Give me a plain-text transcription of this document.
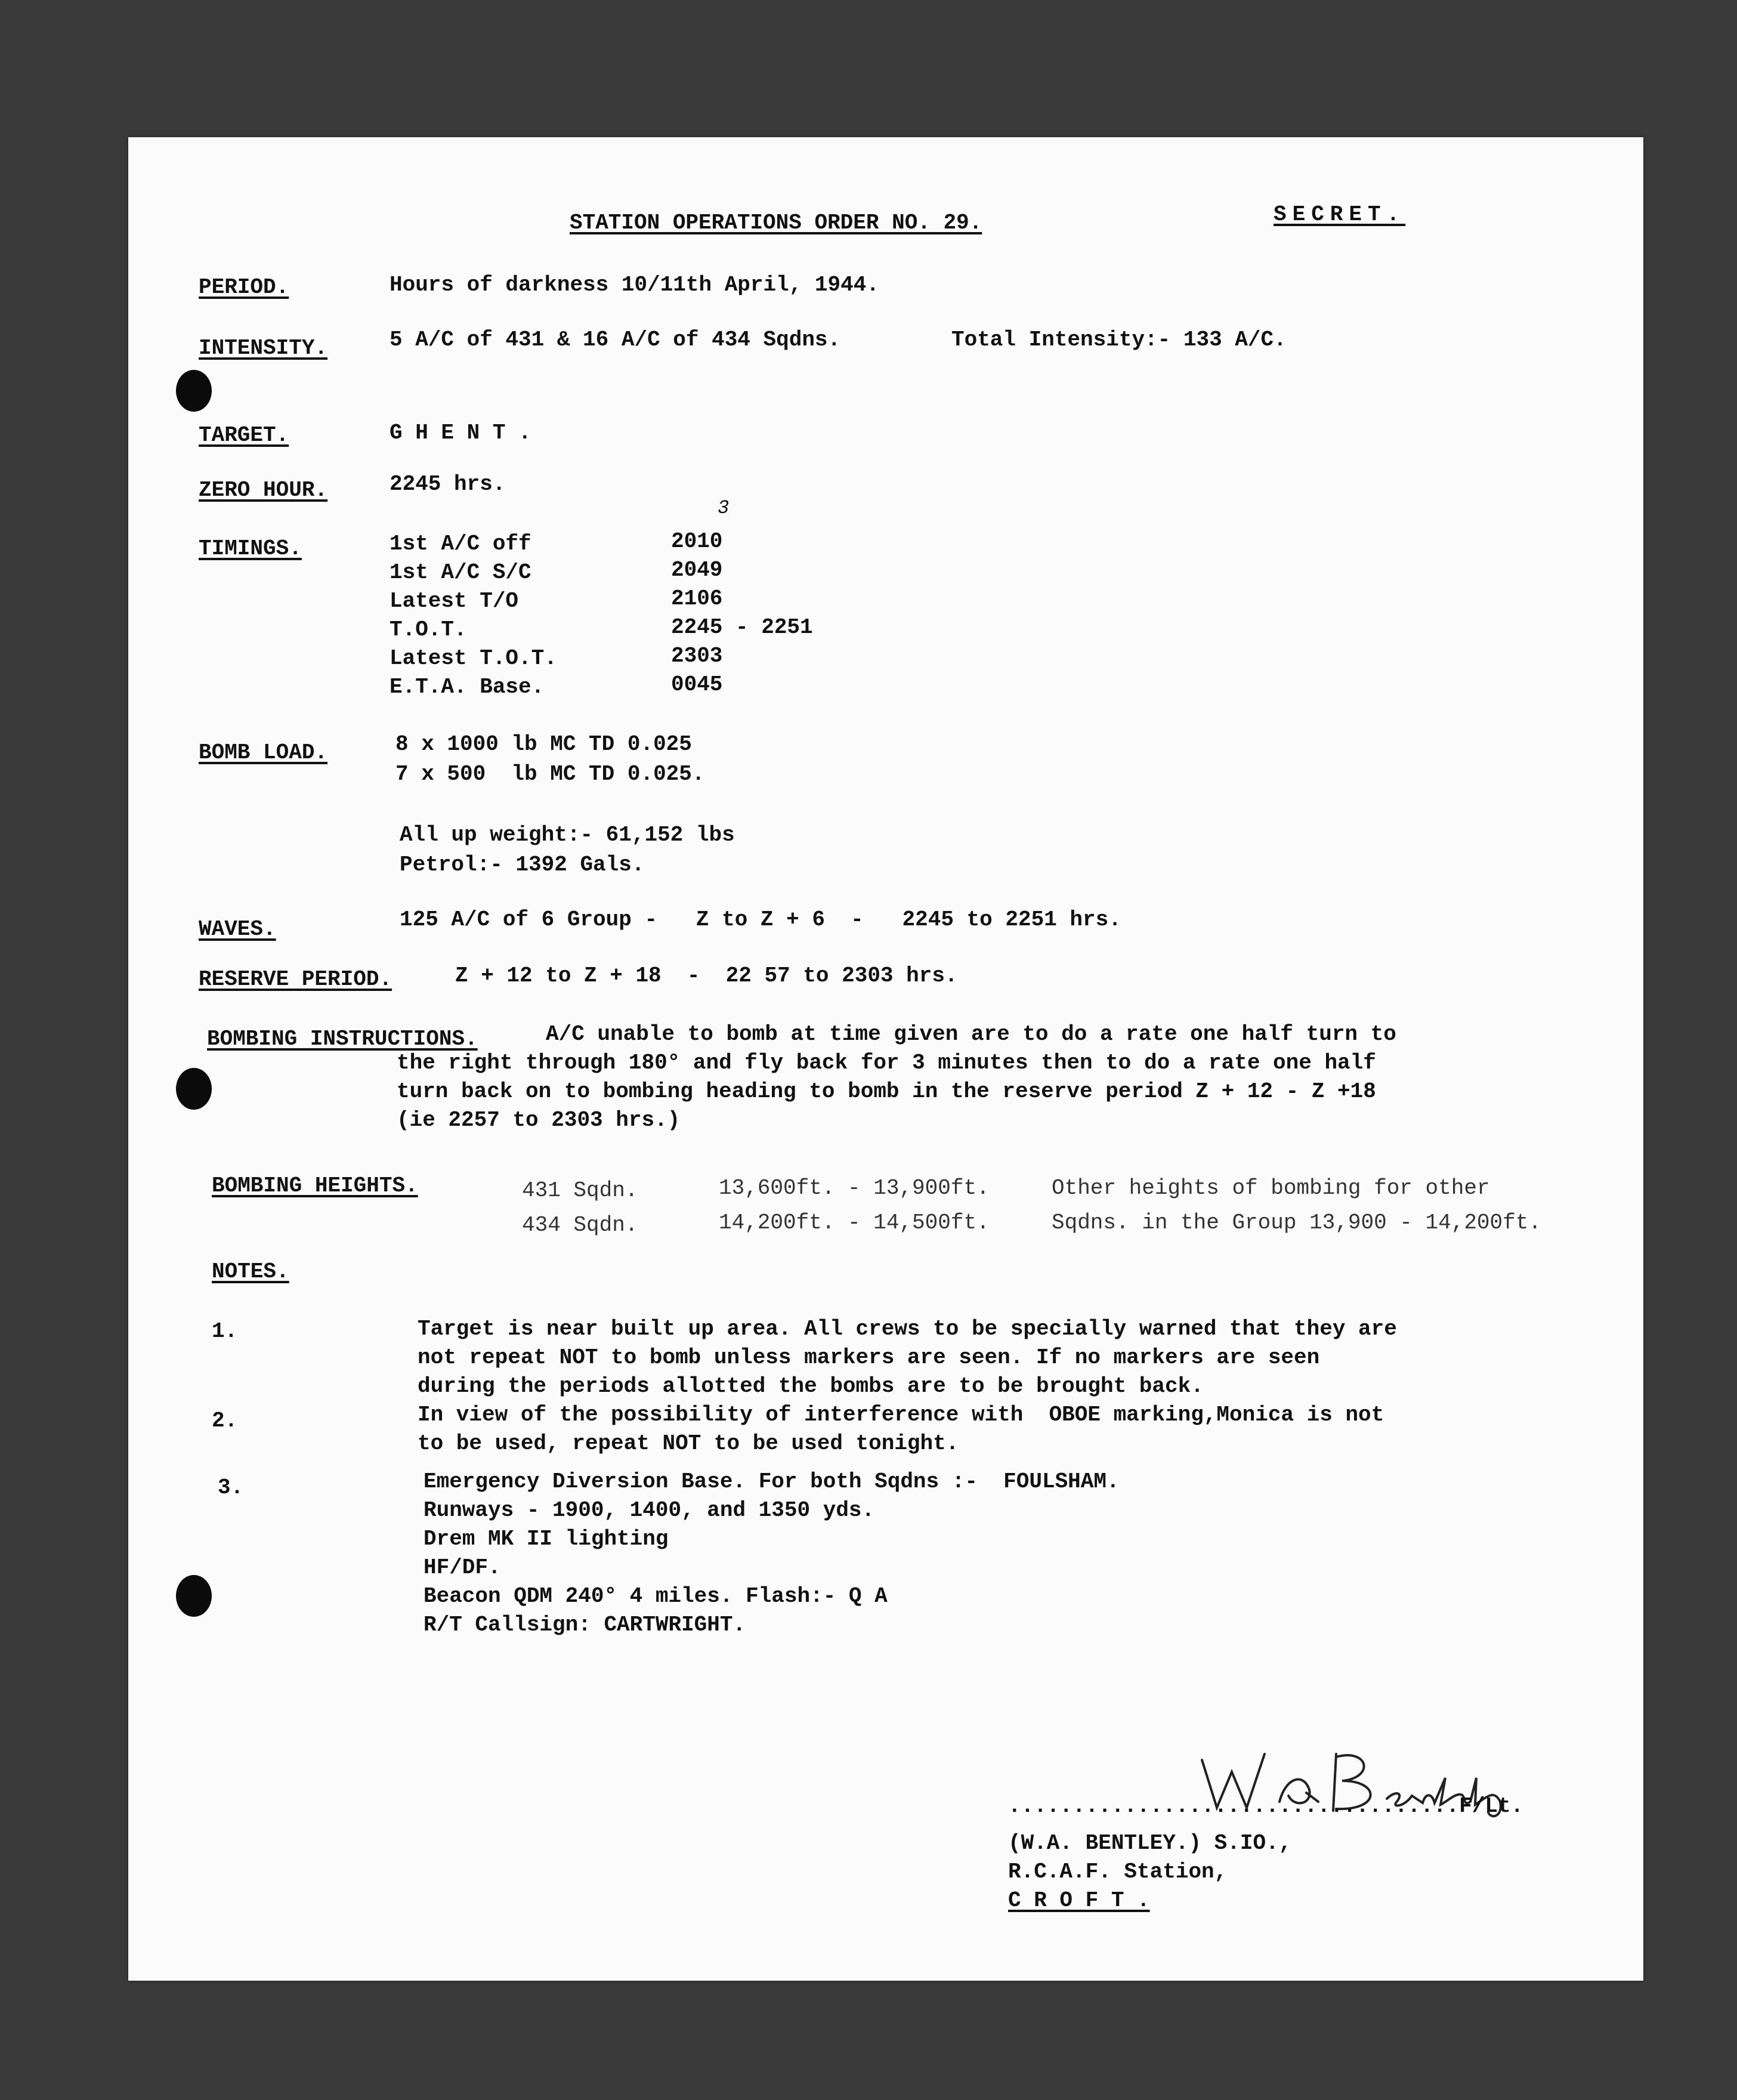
STATION OPERATIONS ORDER NO. 29.	SECRET.
PERIOD.	Hours of darkness 10/11th April, 1944.
INTENSITY.	5 A/C of 431 & 16 A/C of 434 Sqdns.	Total Intensity:- 133 A/C.
TARGET.	G H E N T .
ZERO HOUR.	2245 hrs.
TIMINGS.
3
1st A/C off	2010
1st A/C S/C	2049
Latest T/O	2106
T.O.T.	2245 - 2251
Latest T.O.T.	2303
E.T.A. Base.	0045
BOMB LOAD.	8 x 1000 lb MC TD 0.025
7 x 500  lb MC TD 0.025.
All up weight:- 61,152 lbs
Petrol:- 1392 Gals.
WAVES.	125 A/C of 6 Group -   Z to Z + 6  -   2245 to 2251 hrs.
RESERVE PERIOD.	Z + 12 to Z + 18  -  22 57 to 2303 hrs.
BOMBING INSTRUCTIONS.	A/C unable to bomb at time given are to do a rate one half turn to
the right through 180° and fly back for 3 minutes then to do a rate one half
turn back on to bombing heading to bomb in the reserve period Z + 12 - Z +18
(ie 2257 to 2303 hrs.)
BOMBING HEIGHTS.	431 Sqdn.	13,600ft. - 13,900ft.	Other heights of bombing for other
434 Sqdn.	14,200ft. - 14,500ft.	Sqdns. in the Group 13,900 - 14,200ft.
NOTES.
1.	Target is near built up area. All crews to be specially warned that they are
not repeat NOT to bomb unless markers are seen. If no markers are seen
during the periods allotted the bombs are to be brought back.
2.	In view of the possibility of interference with  OBOE marking,Monica is not
to be used, repeat NOT to be used tonight.
3.	Emergency Diversion Base. For both Sqdns :-  FOULSHAM.
Runways - 1900, 1400, and 1350 yds.
Drem MK II lighting
HF/DF.
Beacon QDM 240° 4 miles. Flash:- Q A
R/T Callsign: CARTWRIGHT.
W. A. Bentley
...................................F/Lt.
(W.A. BENTLEY.) S.IO.,
R.C.A.F. Station,
C R O F T .
